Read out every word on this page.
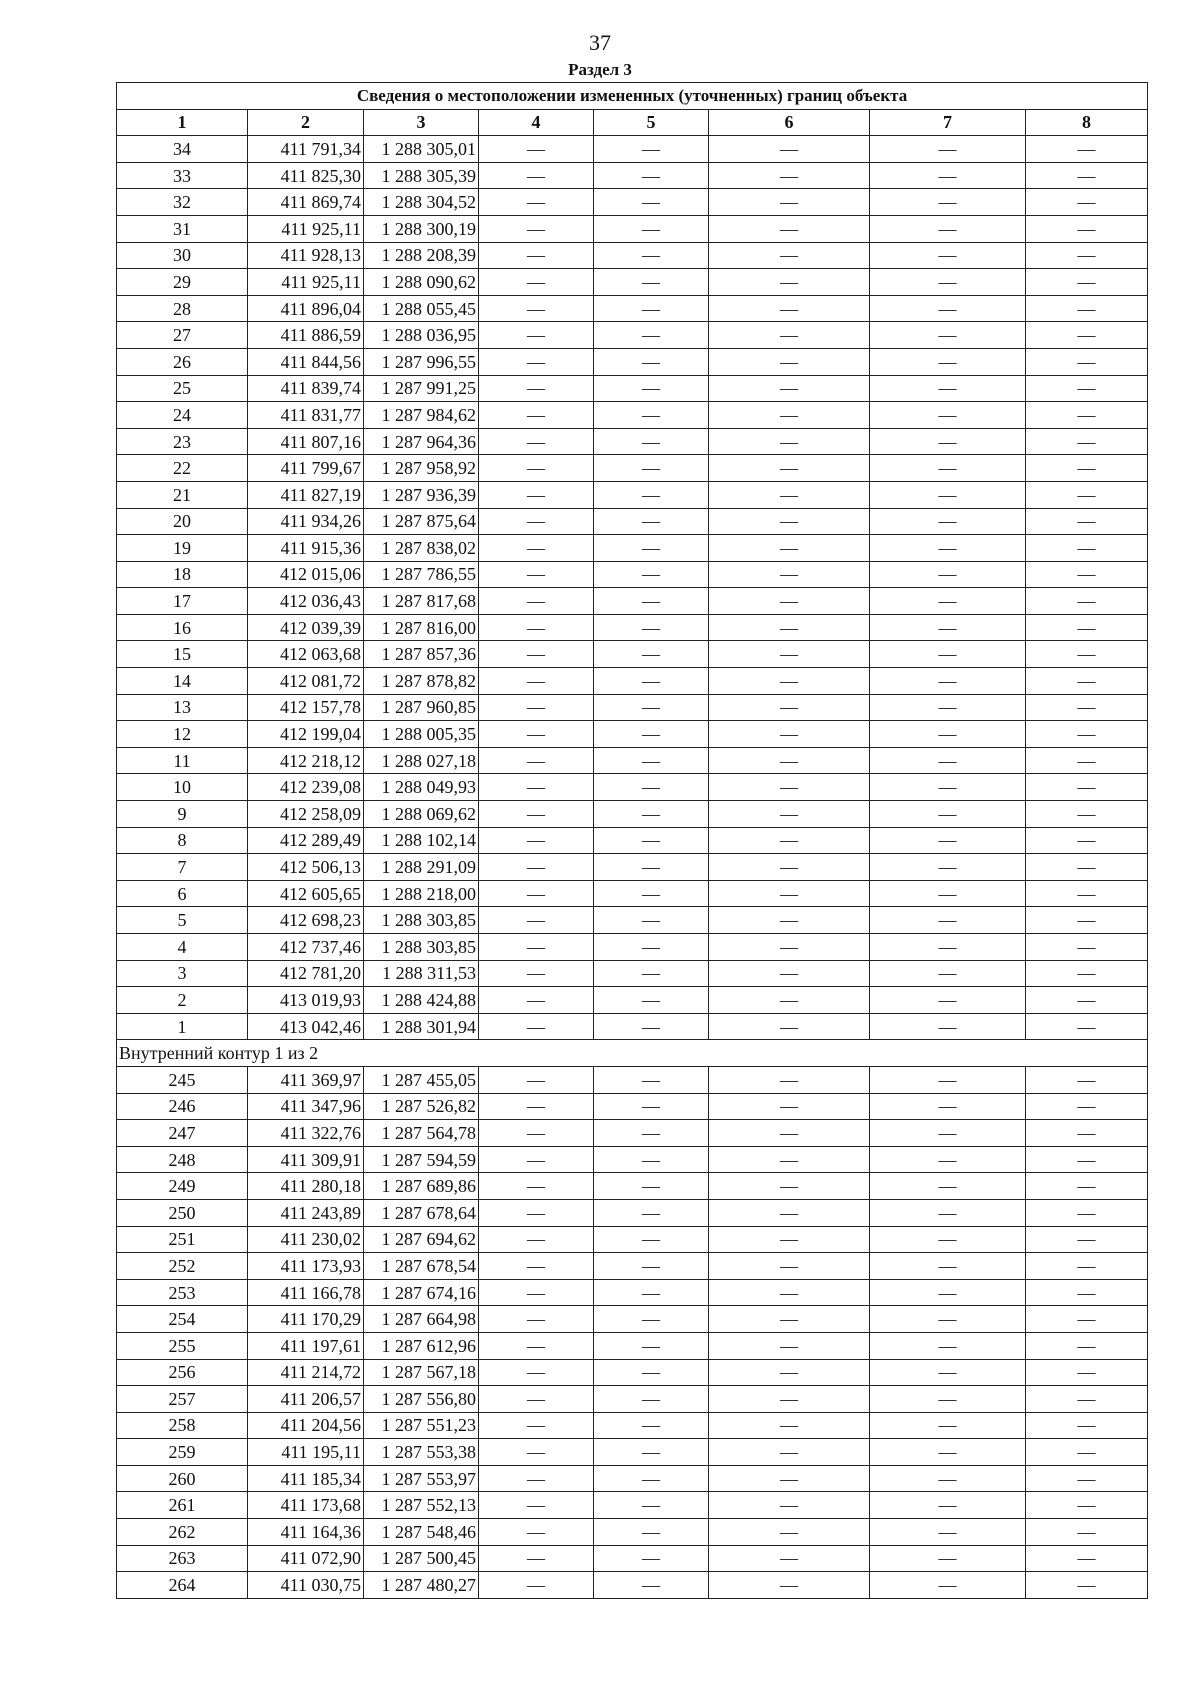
37
Раздел 3
Сведения о местоположении измененных (уточненных) границ объекта							
1	2	3	4	5	6	7	8
34	411 791,34	1 288 305,01	—	—	—	—	—
33	411 825,30	1 288 305,39	—	—	—	—	—
32	411 869,74	1 288 304,52	—	—	—	—	—
31	411 925,11	1 288 300,19	—	—	—	—	—
30	411 928,13	1 288 208,39	—	—	—	—	—
29	411 925,11	1 288 090,62	—	—	—	—	—
28	411 896,04	1 288 055,45	—	—	—	—	—
27	411 886,59	1 288 036,95	—	—	—	—	—
26	411 844,56	1 287 996,55	—	—	—	—	—
25	411 839,74	1 287 991,25	—	—	—	—	—
24	411 831,77	1 287 984,62	—	—	—	—	—
23	411 807,16	1 287 964,36	—	—	—	—	—
22	411 799,67	1 287 958,92	—	—	—	—	—
21	411 827,19	1 287 936,39	—	—	—	—	—
20	411 934,26	1 287 875,64	—	—	—	—	—
19	411 915,36	1 287 838,02	—	—	—	—	—
18	412 015,06	1 287 786,55	—	—	—	—	—
17	412 036,43	1 287 817,68	—	—	—	—	—
16	412 039,39	1 287 816,00	—	—	—	—	—
15	412 063,68	1 287 857,36	—	—	—	—	—
14	412 081,72	1 287 878,82	—	—	—	—	—
13	412 157,78	1 287 960,85	—	—	—	—	—
12	412 199,04	1 288 005,35	—	—	—	—	—
11	412 218,12	1 288 027,18	—	—	—	—	—
10	412 239,08	1 288 049,93	—	—	—	—	—
9	412 258,09	1 288 069,62	—	—	—	—	—
8	412 289,49	1 288 102,14	—	—	—	—	—
7	412 506,13	1 288 291,09	—	—	—	—	—
6	412 605,65	1 288 218,00	—	—	—	—	—
5	412 698,23	1 288 303,85	—	—	—	—	—
4	412 737,46	1 288 303,85	—	—	—	—	—
3	412 781,20	1 288 311,53	—	—	—	—	—
2	413 019,93	1 288 424,88	—	—	—	—	—
1	413 042,46	1 288 301,94	—	—	—	—	—
Внутренний контур 1 из 2							
245	411 369,97	1 287 455,05	—	—	—	—	—
246	411 347,96	1 287 526,82	—	—	—	—	—
247	411 322,76	1 287 564,78	—	—	—	—	—
248	411 309,91	1 287 594,59	—	—	—	—	—
249	411 280,18	1 287 689,86	—	—	—	—	—
250	411 243,89	1 287 678,64	—	—	—	—	—
251	411 230,02	1 287 694,62	—	—	—	—	—
252	411 173,93	1 287 678,54	—	—	—	—	—
253	411 166,78	1 287 674,16	—	—	—	—	—
254	411 170,29	1 287 664,98	—	—	—	—	—
255	411 197,61	1 287 612,96	—	—	—	—	—
256	411 214,72	1 287 567,18	—	—	—	—	—
257	411 206,57	1 287 556,80	—	—	—	—	—
258	411 204,56	1 287 551,23	—	—	—	—	—
259	411 195,11	1 287 553,38	—	—	—	—	—
260	411 185,34	1 287 553,97	—	—	—	—	—
261	411 173,68	1 287 552,13	—	—	—	—	—
262	411 164,36	1 287 548,46	—	—	—	—	—
263	411 072,90	1 287 500,45	—	—	—	—	—
264	411 030,75	1 287 480,27	—	—	—	—	—
